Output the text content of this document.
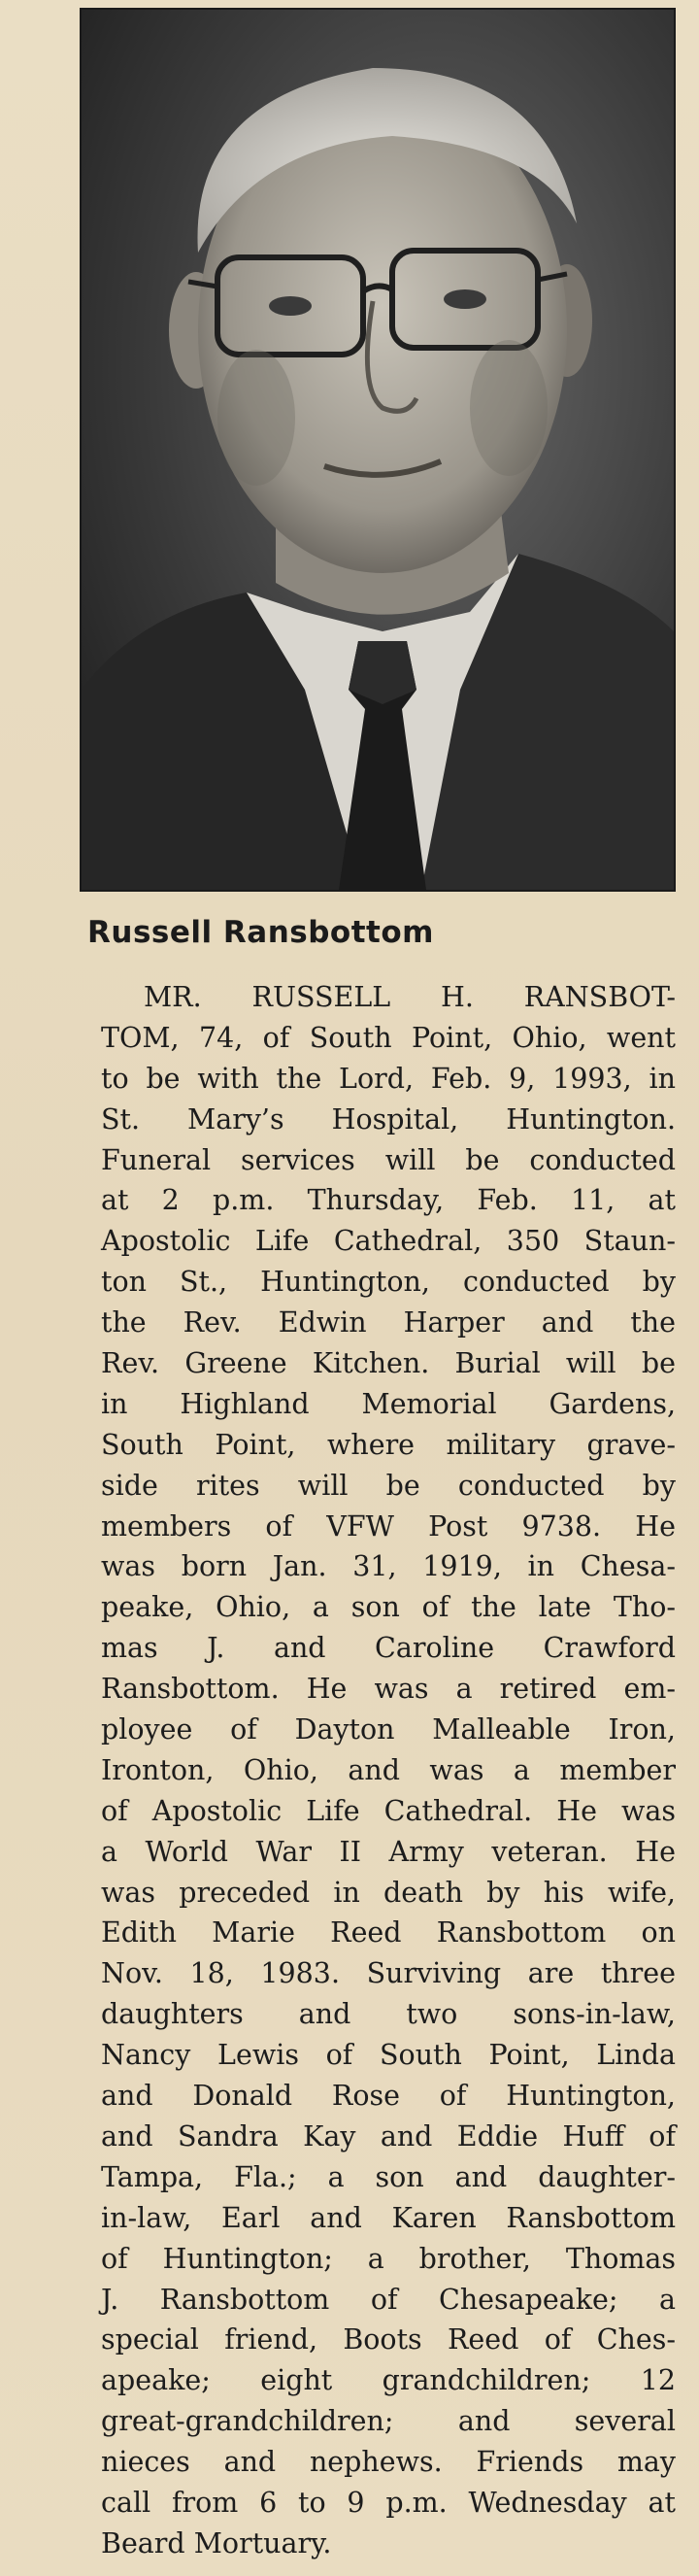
Russell Ransbottom
MR. RUSSELL H. RANSBOT-
TOM, 74, of South Point, Ohio, went
to be with the Lord, Feb. 9, 1993, in
St. Mary’s Hospital, Huntington.
Funeral services will be conducted
at 2 p.m. Thursday, Feb. 11, at
Apostolic Life Cathedral, 350 Staun-
ton St., Huntington, conducted by
the Rev. Edwin Harper and the
Rev. Greene Kitchen. Burial will be
in Highland Memorial Gardens,
South Point, where military grave-
side rites will be conducted by
members of VFW Post 9738. He
was born Jan. 31, 1919, in Chesa-
peake, Ohio, a son of the late Tho-
mas J. and Caroline Crawford
Ransbottom. He was a retired em-
ployee of Dayton Malleable Iron,
Ironton, Ohio, and was a member
of Apostolic Life Cathedral. He was
a World War II Army veteran. He
was preceded in death by his wife,
Edith Marie Reed Ransbottom on
Nov. 18, 1983. Surviving are three
daughters and two sons-in-law,
Nancy Lewis of South Point, Linda
and Donald Rose of Huntington,
and Sandra Kay and Eddie Huff of
Tampa, Fla.; a son and daughter-
in-law, Earl and Karen Ransbottom
of Huntington; a brother, Thomas
J. Ransbottom of Chesapeake; a
special friend, Boots Reed of Ches-
apeake; eight grandchildren; 12
great-grandchildren; and several
nieces and nephews. Friends may
call from 6 to 9 p.m. Wednesday at
Beard Mortuary.
